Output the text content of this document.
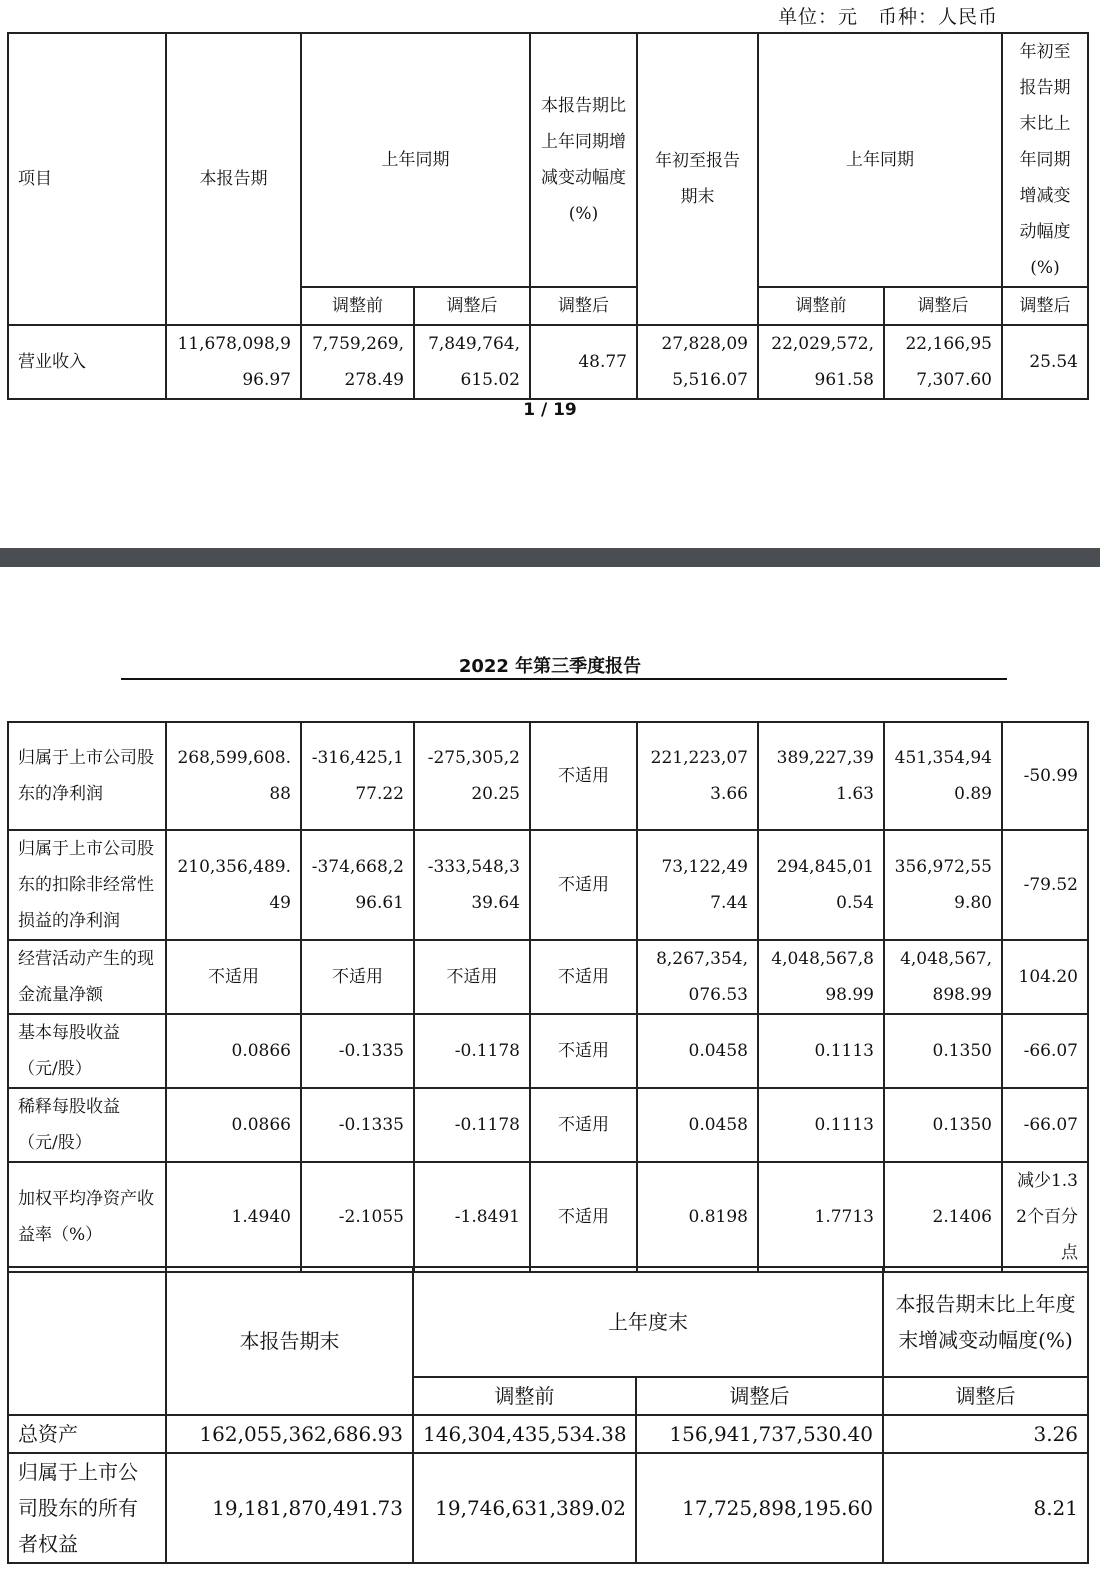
单位：元　币种：人民币
项目	本报告期	上年同期		本报告期比上年同期增减变动幅度(%)	年初至报告期末	上年同期		年初至报告期末比上年同期增减变动幅度(%)
		调整前	调整后	调整后		调整前	调整后	调整后
营业收入	11,678,098,996.97	7,759,269,278.49	7,849,764,615.02	48.77	27,828,095,516.07	22,029,572,961.58	22,166,957,307.60	25.54
1 / 19
2022 年第三季度报告
归属于上市公司股东的净利润	268,599,608.88	-316,425,177.22	-275,305,220.25	不适用	221,223,073.66	389,227,391.63	451,354,940.89	-50.99
归属于上市公司股东的扣除非经常性损益的净利润	210,356,489.49	-374,668,296.61	-333,548,339.64	不适用	73,122,497.44	294,845,010.54	356,972,559.80	-79.52
经营活动产生的现金流量净额	不适用	不适用	不适用	不适用	8,267,354,076.53	4,048,567,898.99	4,048,567,898.99	104.20
基本每股收益（元/股）	0.0866	-0.1335	-0.1178	不适用	0.0458	0.1113	0.1350	-66.07
稀释每股收益（元/股）	0.0866	-0.1335	-0.1178	不适用	0.0458	0.1113	0.1350	-66.07
加权平均净资产收益率（%）	1.4940	-2.1055	-1.8491	不适用	0.8198	1.7713	2.1406	减少1.32个百分点
	本报告期末	上年度末		本报告期末比上年度末增减变动幅度(%)
		调整前	调整后	调整后
总资产	162,055,362,686.93	146,304,435,534.38	156,941,737,530.40	3.26
归属于上市公司股东的所有者权益	19,181,870,491.73	19,746,631,389.02	17,725,898,195.60	8.21
